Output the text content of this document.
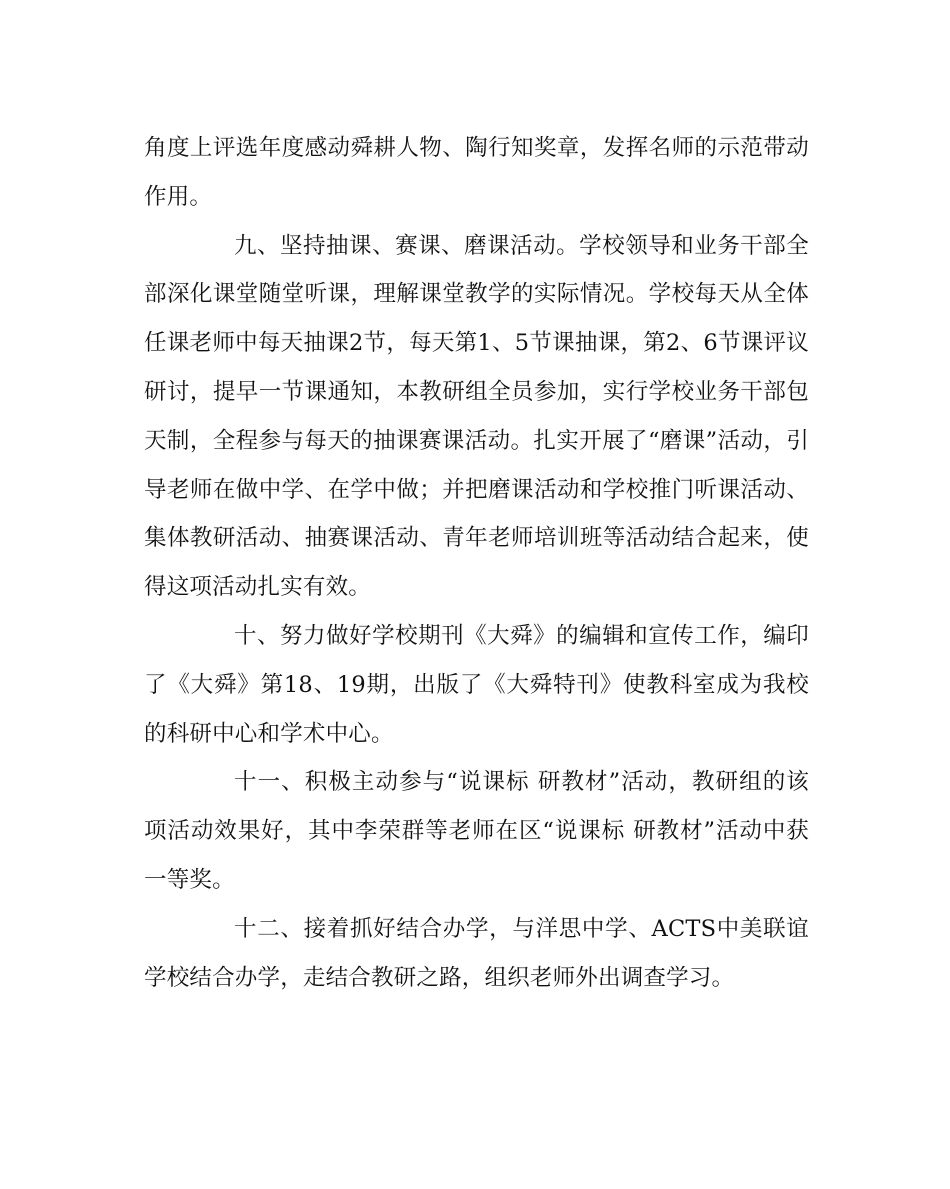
角度上评选年度感动舜耕人物、陶行知奖章，发挥名师的示范带动作用。

九、坚持抽课、赛课、磨课活动。学校领导和业务干部全部深化课堂随堂听课，理解课堂教学的实际情况。学校每天从全体任课老师中每天抽课2节，每天第1、5节课抽课，第2、6节课评议研讨，提早一节课通知，本教研组全员参加，实行学校业务干部包天制，全程参与每天的抽课赛课活动。扎实开展了“磨课”活动，引导老师在做中学、在学中做；并把磨课活动和学校推门听课活动、集体教研活动、抽赛课活动、青年老师培训班等活动结合起来，使得这项活动扎实有效。

十、努力做好学校期刊《大舜》的编辑和宣传工作，编印了《大舜》第18、19期，出版了《大舜特刊》使教科室成为我校的科研中心和学术中心。

十一、积极主动参与“说课标 研教材”活动，教研组的该项活动效果好，其中李荣群等老师在区“说课标 研教材”活动中获一等奖。

十二、接着抓好结合办学，与洋思中学、ACTS中美联谊学校结合办学，走结合教研之路，组织老师外出调查学习。
